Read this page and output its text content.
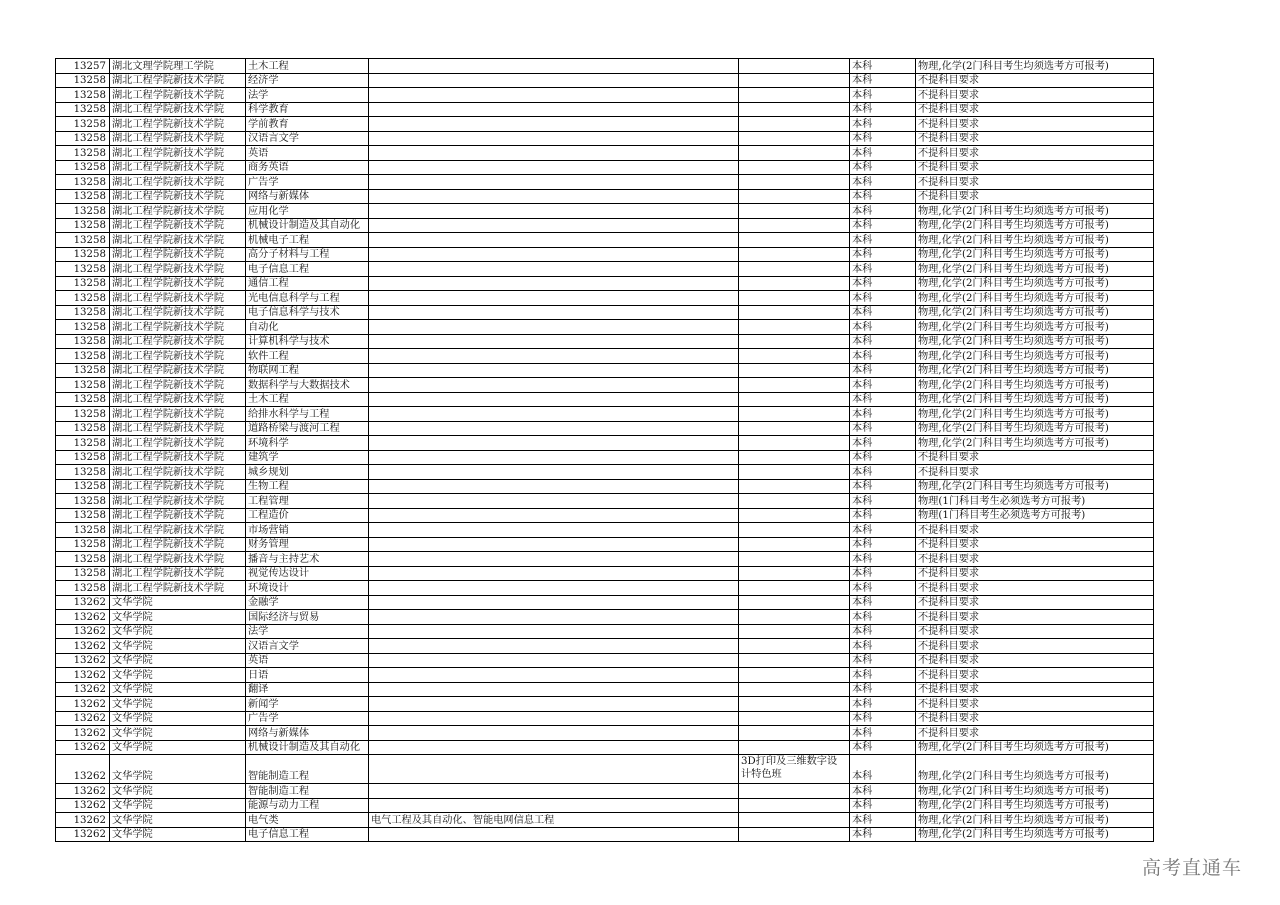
13257	湖北文理学院理工学院	土木工程			本科	物理,化学(2门科目考生均须选考方可报考)
13258	湖北工程学院新技术学院	经济学			本科	不提科目要求
13258	湖北工程学院新技术学院	法学			本科	不提科目要求
13258	湖北工程学院新技术学院	科学教育			本科	不提科目要求
13258	湖北工程学院新技术学院	学前教育			本科	不提科目要求
13258	湖北工程学院新技术学院	汉语言文学			本科	不提科目要求
13258	湖北工程学院新技术学院	英语			本科	不提科目要求
13258	湖北工程学院新技术学院	商务英语			本科	不提科目要求
13258	湖北工程学院新技术学院	广告学			本科	不提科目要求
13258	湖北工程学院新技术学院	网络与新媒体			本科	不提科目要求
13258	湖北工程学院新技术学院	应用化学			本科	物理,化学(2门科目考生均须选考方可报考)
13258	湖北工程学院新技术学院	机械设计制造及其自动化			本科	物理,化学(2门科目考生均须选考方可报考)
13258	湖北工程学院新技术学院	机械电子工程			本科	物理,化学(2门科目考生均须选考方可报考)
13258	湖北工程学院新技术学院	高分子材料与工程			本科	物理,化学(2门科目考生均须选考方可报考)
13258	湖北工程学院新技术学院	电子信息工程			本科	物理,化学(2门科目考生均须选考方可报考)
13258	湖北工程学院新技术学院	通信工程			本科	物理,化学(2门科目考生均须选考方可报考)
13258	湖北工程学院新技术学院	光电信息科学与工程			本科	物理,化学(2门科目考生均须选考方可报考)
13258	湖北工程学院新技术学院	电子信息科学与技术			本科	物理,化学(2门科目考生均须选考方可报考)
13258	湖北工程学院新技术学院	自动化			本科	物理,化学(2门科目考生均须选考方可报考)
13258	湖北工程学院新技术学院	计算机科学与技术			本科	物理,化学(2门科目考生均须选考方可报考)
13258	湖北工程学院新技术学院	软件工程			本科	物理,化学(2门科目考生均须选考方可报考)
13258	湖北工程学院新技术学院	物联网工程			本科	物理,化学(2门科目考生均须选考方可报考)
13258	湖北工程学院新技术学院	数据科学与大数据技术			本科	物理,化学(2门科目考生均须选考方可报考)
13258	湖北工程学院新技术学院	土木工程			本科	物理,化学(2门科目考生均须选考方可报考)
13258	湖北工程学院新技术学院	给排水科学与工程			本科	物理,化学(2门科目考生均须选考方可报考)
13258	湖北工程学院新技术学院	道路桥梁与渡河工程			本科	物理,化学(2门科目考生均须选考方可报考)
13258	湖北工程学院新技术学院	环境科学			本科	物理,化学(2门科目考生均须选考方可报考)
13258	湖北工程学院新技术学院	建筑学			本科	不提科目要求
13258	湖北工程学院新技术学院	城乡规划			本科	不提科目要求
13258	湖北工程学院新技术学院	生物工程			本科	物理,化学(2门科目考生均须选考方可报考)
13258	湖北工程学院新技术学院	工程管理			本科	物理(1门科目考生必须选考方可报考)
13258	湖北工程学院新技术学院	工程造价			本科	物理(1门科目考生必须选考方可报考)
13258	湖北工程学院新技术学院	市场营销			本科	不提科目要求
13258	湖北工程学院新技术学院	财务管理			本科	不提科目要求
13258	湖北工程学院新技术学院	播音与主持艺术			本科	不提科目要求
13258	湖北工程学院新技术学院	视觉传达设计			本科	不提科目要求
13258	湖北工程学院新技术学院	环境设计			本科	不提科目要求
13262	文华学院	金融学			本科	不提科目要求
13262	文华学院	国际经济与贸易			本科	不提科目要求
13262	文华学院	法学			本科	不提科目要求
13262	文华学院	汉语言文学			本科	不提科目要求
13262	文华学院	英语			本科	不提科目要求
13262	文华学院	日语			本科	不提科目要求
13262	文华学院	翻译			本科	不提科目要求
13262	文华学院	新闻学			本科	不提科目要求
13262	文华学院	广告学			本科	不提科目要求
13262	文华学院	网络与新媒体			本科	不提科目要求
13262	文华学院	机械设计制造及其自动化			本科	物理,化学(2门科目考生均须选考方可报考)
13262	文华学院	智能制造工程		3D打印及三维数字设计特色班	本科	物理,化学(2门科目考生均须选考方可报考)
13262	文华学院	智能制造工程			本科	物理,化学(2门科目考生均须选考方可报考)
13262	文华学院	能源与动力工程			本科	物理,化学(2门科目考生均须选考方可报考)
13262	文华学院	电气类	电气工程及其自动化、智能电网信息工程		本科	物理,化学(2门科目考生均须选考方可报考)
13262	文华学院	电子信息工程			本科	物理,化学(2门科目考生均须选考方可报考)
高考直通车
